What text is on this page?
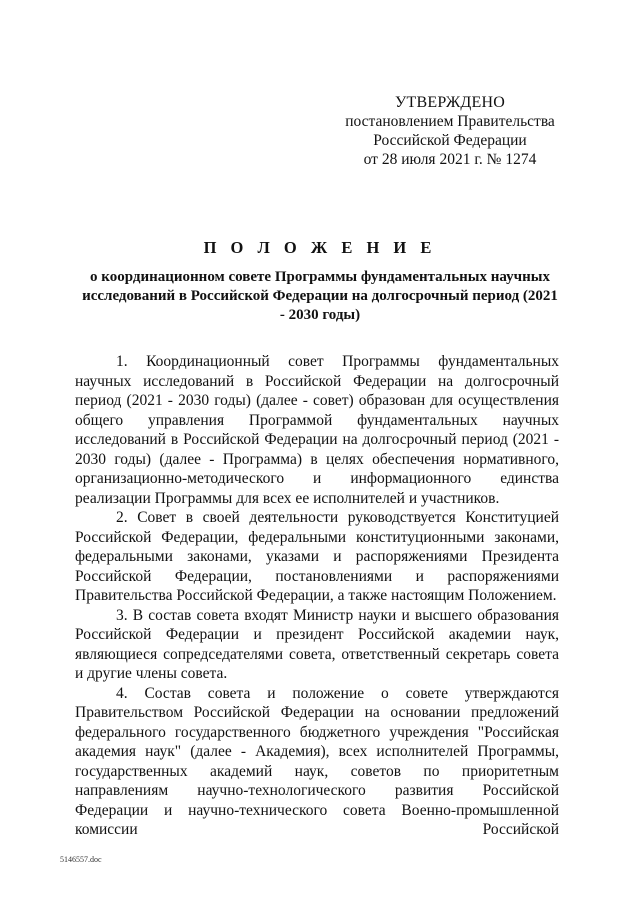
УТВЕРЖДЕНО
постановлением Правительства
Российской Федерации
от 28 июля 2021 г. № 1274
П О Л О Ж Е Н И Е
о координационном совете Программы фундаментальных научных исследований в Российской Федерации на долгосрочный период (2021 - 2030 годы)

1. Координационный совет Программы фундаментальных научных исследований в Российской Федерации на долгосрочный период (2021 - 2030 годы) (далее - совет) образован для осуществления общего управления Программой фундаментальных научных исследований в Российской Федерации на долгосрочный период (2021 - 2030 годы) (далее - Программа) в целях обеспечения нормативного, организационно-методического и информационного единства реализации Программы для всех ее исполнителей и участников.

2. Совет в своей деятельности руководствуется Конституцией Российской Федерации, федеральными конституционными законами, федеральными законами, указами и распоряжениями Президента Российской Федерации, постановлениями и распоряжениями Правительства Российской Федерации, а также настоящим Положением.

3. В состав совета входят Министр науки и высшего образования Российской Федерации и президент Российской академии наук, являющиеся сопредседателями совета, ответственный секретарь совета и другие члены совета.

4. Состав совета и положение о совете утверждаются Правительством Российской Федерации на основании предложений федерального государственного бюджетного учреждения "Российская академия наук" (далее - Академия), всех исполнителей Программы, государственных академий наук, советов по приоритетным направлениям научно-технологического развития Российской Федерации и научно-технического совета Военно-промышленной комиссии Российской

5146557.doc
